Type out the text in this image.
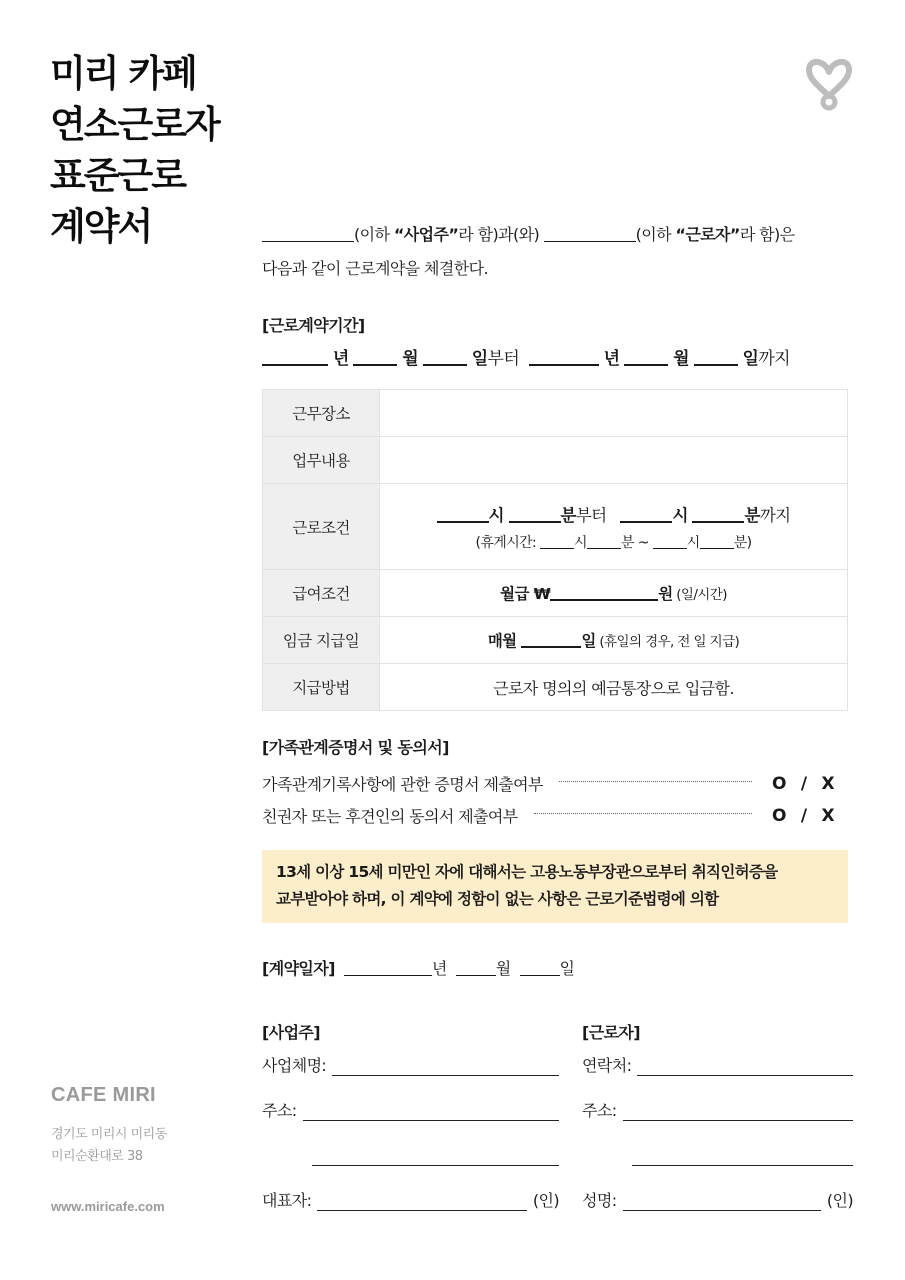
미리 카페
연소근로자
표준근로
계약서
CAFE MIRI
경기도 미리시 미리동
미리순환대로 38
www.miricafe.com
(이하 “사업주”라 함)과(와)	(이하 “근로자”라 함)은
다음과 같이 근로계약을 체결한다.
[근로계약기간]
년	월	일부터	년	월	일까지
근무장소	
업무내용	
근로조건	시 분부터 시 분까지
(휴게시간: 시 분 ~ 시 분)

급여조건	월급 ₩ 원 (일/시간)
임금 지급일	매월 일 (휴일의 경우, 전 일 지급)
지급방법	근로자 명의의 예금통장으로 입금함.
[가족관계증명서 및 동의서]
가족관계기록사항에 관한 증명서 제출여부	O / X
친권자 또는 후견인의 동의서 제출여부	O / X
13세 이상 15세 미만인 자에 대해서는 고용노동부장관으로부터 취직인허증을
교부받아야 하며, 이 계약에 정함이 없는 사항은 근로기준법령에 의함
[계약일자]	년	월	일
[사업주]
사업체명:
주소:
대표자:	(인)
[근로자]
연락처:
주소:
성명:	(인)
